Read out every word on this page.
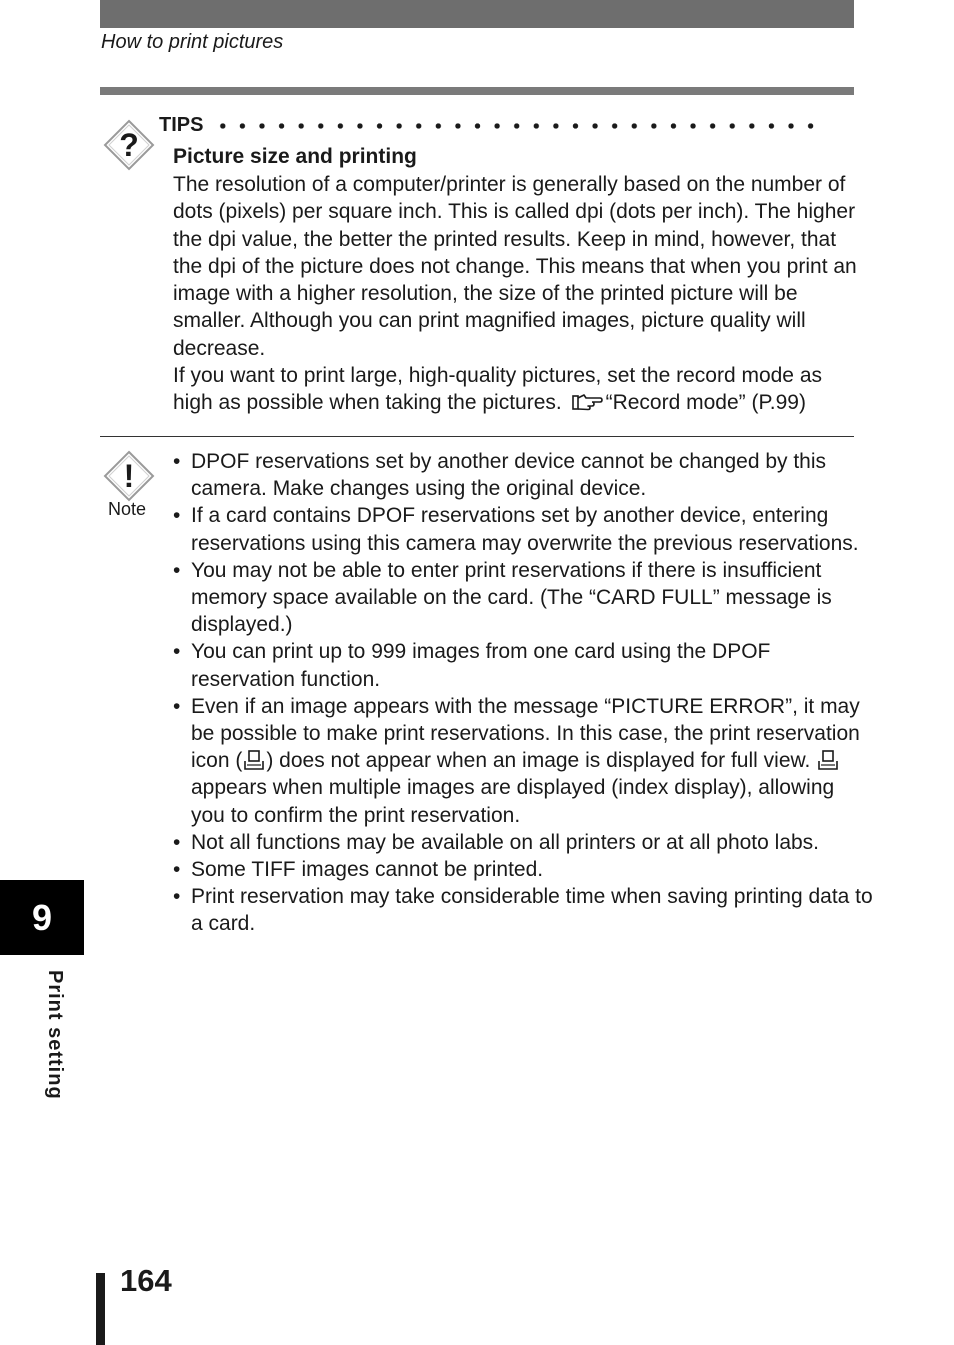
How to print pictures
?
TIPS
Picture size and printing

The resolution of a computer/printer is generally based on the number of dots (pixels) per square inch. This is called dpi (dots per inch). The higher the dpi value, the better the printed results. Keep in mind, however, that the dpi of the picture does not change. This means that when you print an image with a higher resolution, the size of the printed picture will be smaller. Although you can print magnified images, picture quality will decrease.

If you want to print large, high-quality pictures, set the record mode as high as possible when taking the pictures. “Record mode” (P.99)

!
Note
• DPOF reservations set by another device cannot be changed by this camera. Make changes using the original device.
• If a card contains DPOF reservations set by another device, entering reservations using this camera may overwrite the previous reservations.
• You may not be able to enter print reservations if there is insufficient memory space available on the card. (The “CARD FULL” message is displayed.)
• You can print up to 999 images from one card using the DPOF reservation function.
• Even if an image appears with the message “PICTURE ERROR”, it may be possible to make print reservations. In this case, the print reservation icon ( ) does not appear when an image is displayed for full view.  appears when multiple images are displayed (index display), allowing you to confirm the print reservation.
• Not all functions may be available on all printers or at all photo labs.
• Some TIFF images cannot be printed.
• Print reservation may take considerable time when saving printing data to a card.
9
Print setting
164
